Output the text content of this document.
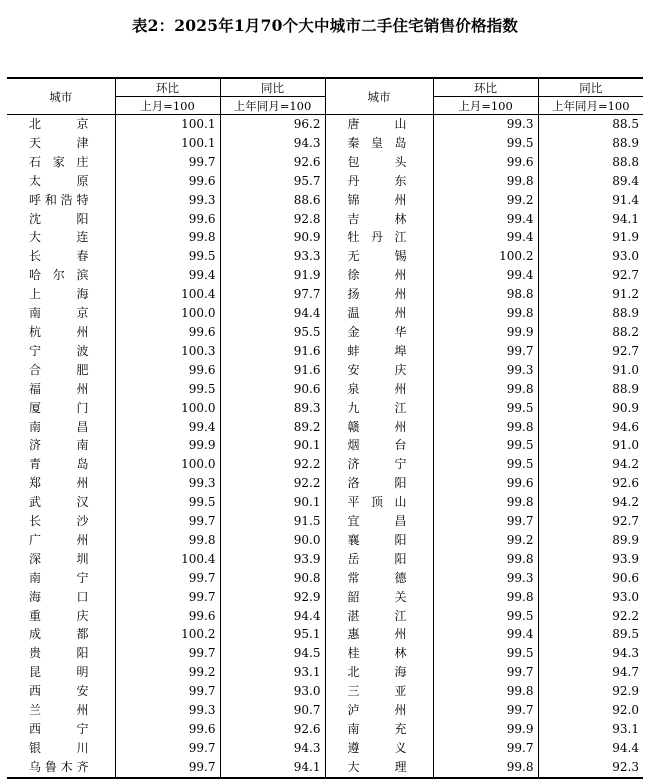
表2：2025年1月70个大中城市二手住宅销售价格指数
城市	环比	同比	城市	环比	同比
	上月=100	上年同月=100		上月=100	上年同月=100
北京	100.1	96.2	唐山	99.3	88.5
天津	100.1	94.3	秦皇岛	99.5	88.9
石家庄	99.7	92.6	包头	99.6	88.8
太原	99.6	95.7	丹东	99.8	89.4
呼和浩特	99.3	88.6	锦州	99.2	91.4
沈阳	99.6	92.8	吉林	99.4	94.1
大连	99.8	90.9	牡丹江	99.4	91.9
长春	99.5	93.3	无锡	100.2	93.0
哈尔滨	99.4	91.9	徐州	99.4	92.7
上海	100.4	97.7	扬州	98.8	91.2
南京	100.0	94.4	温州	99.8	88.9
杭州	99.6	95.5	金华	99.9	88.2
宁波	100.3	91.6	蚌埠	99.7	92.7
合肥	99.6	91.6	安庆	99.3	91.0
福州	99.5	90.6	泉州	99.8	88.9
厦门	100.0	89.3	九江	99.5	90.9
南昌	99.4	89.2	赣州	99.8	94.6
济南	99.9	90.1	烟台	99.5	91.0
青岛	100.0	92.2	济宁	99.5	94.2
郑州	99.3	92.2	洛阳	99.6	92.6
武汉	99.5	90.1	平顶山	99.8	94.2
长沙	99.7	91.5	宜昌	99.7	92.7
广州	99.8	90.0	襄阳	99.2	89.9
深圳	100.4	93.9	岳阳	99.8	93.9
南宁	99.7	90.8	常德	99.3	90.6
海口	99.7	92.9	韶关	99.8	93.0
重庆	99.6	94.4	湛江	99.5	92.2
成都	100.2	95.1	惠州	99.4	89.5
贵阳	99.7	94.5	桂林	99.5	94.3
昆明	99.2	93.1	北海	99.7	94.7
西安	99.7	93.0	三亚	99.8	92.9
兰州	99.3	90.7	泸州	99.7	92.0
西宁	99.6	92.6	南充	99.9	93.1
银川	99.7	94.3	遵义	99.7	94.4
乌鲁木齐	99.7	94.1	大理	99.8	92.3
